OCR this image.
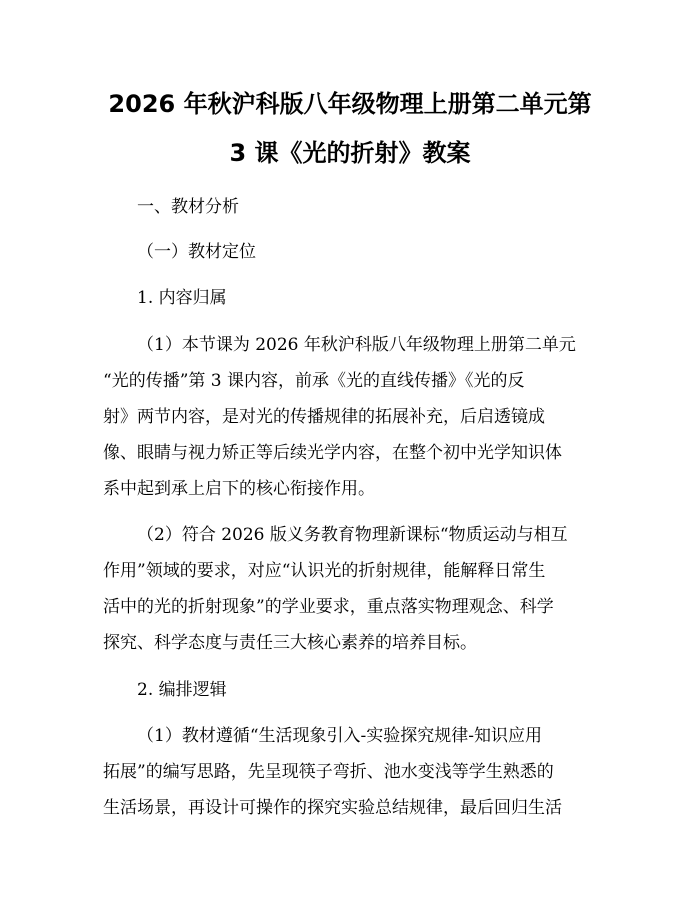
2026 年秋沪科版八年级物理上册第二单元第
3 课《光的折射》教案
一、教材分析
（一）教材定位
1. 内容归属
（1）本节课为 2026 年秋沪科版八年级物理上册第二单元
“光的传播”第 3 课内容，前承《光的直线传播》《光的反
射》两节内容，是对光的传播规律的拓展补充，后启透镜成
像、眼睛与视力矫正等后续光学内容，在整个初中光学知识体
系中起到承上启下的核心衔接作用。
（2）符合 2026 版义务教育物理新课标“物质运动与相互
作用”领域的要求，对应“认识光的折射规律，能解释日常生
活中的光的折射现象”的学业要求，重点落实物理观念、科学
探究、科学态度与责任三大核心素养的培养目标。
2. 编排逻辑
（1）教材遵循“生活现象引入-实验探究规律-知识应用
拓展”的编写思路，先呈现筷子弯折、池水变浅等学生熟悉的
生活场景，再设计可操作的探究实验总结规律，最后回归生活
